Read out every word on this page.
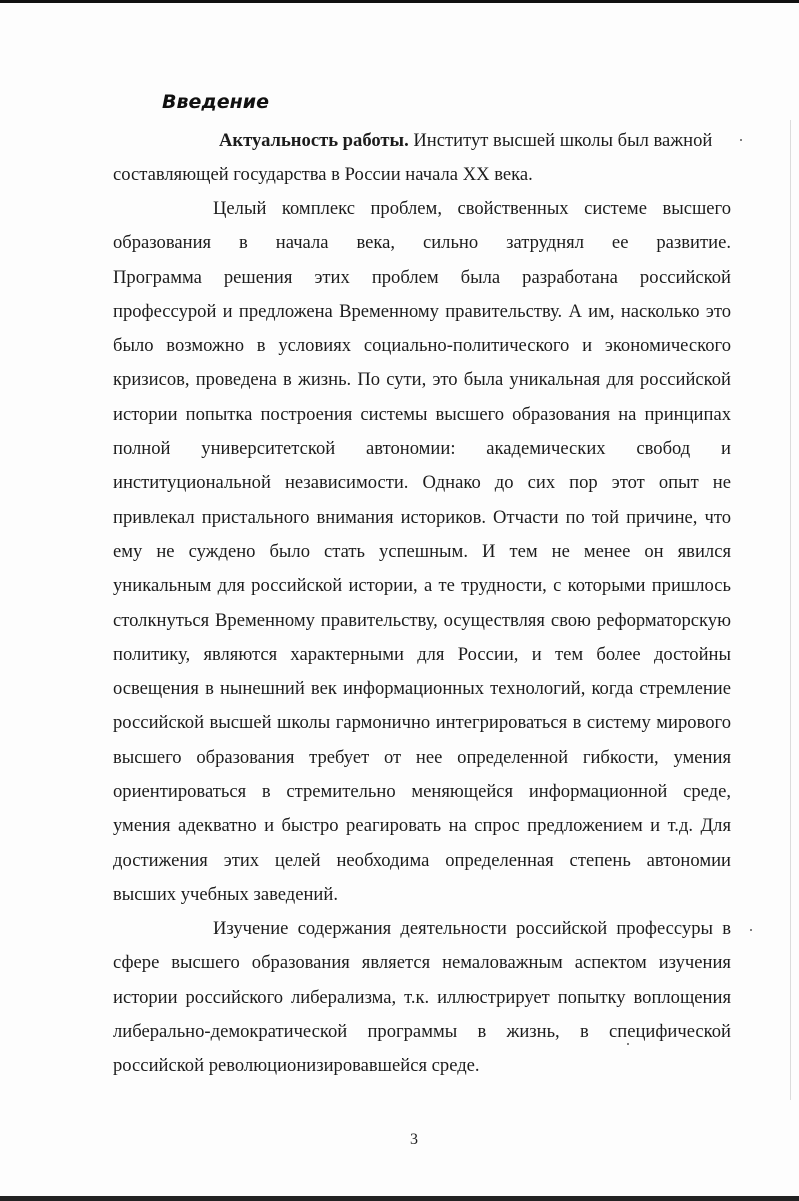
Введение
Актуальность работы. Институт высшей школы был важной
составляющей государства в России начала XX века.
Целый комплекс проблем, свойственных системе высшего
образования в начала века, сильно затруднял ее развитие.
Программа решения этих проблем была разработана российской
профессурой и предложена Временному правительству. А им, насколько это
было возможно в условиях социально-политического и экономического
кризисов, проведена в жизнь. По сути, это была уникальная для российской
истории попытка построения системы высшего образования на принципах
полной университетской автономии: академических свобод и
институциональной независимости. Однако до сих пор этот опыт не
привлекал пристального внимания историков. Отчасти по той причине, что
ему не суждено было стать успешным. И тем не менее он явился
уникальным для российской истории, а те трудности, с которыми пришлось
столкнуться Временному правительству, осуществляя свою реформаторскую
политику, являются характерными для России, и тем более достойны
освещения в нынешний век информационных технологий, когда стремление
российской высшей школы гармонично интегрироваться в систему мирового
высшего образования требует от нее определенной гибкости, умения
ориентироваться в стремительно меняющейся информационной среде,
умения адекватно и быстро реагировать на спрос предложением и т.д. Для
достижения этих целей необходима определенная степень автономии
высших учебных заведений.
Изучение содержания деятельности российской профессуры в
сфере высшего образования является немаловажным аспектом изучения
истории российского либерализма, т.к. иллюстрирует попытку воплощения
либерально-демократической программы в жизнь, в специфической
российской революционизировавшейся среде.
3
